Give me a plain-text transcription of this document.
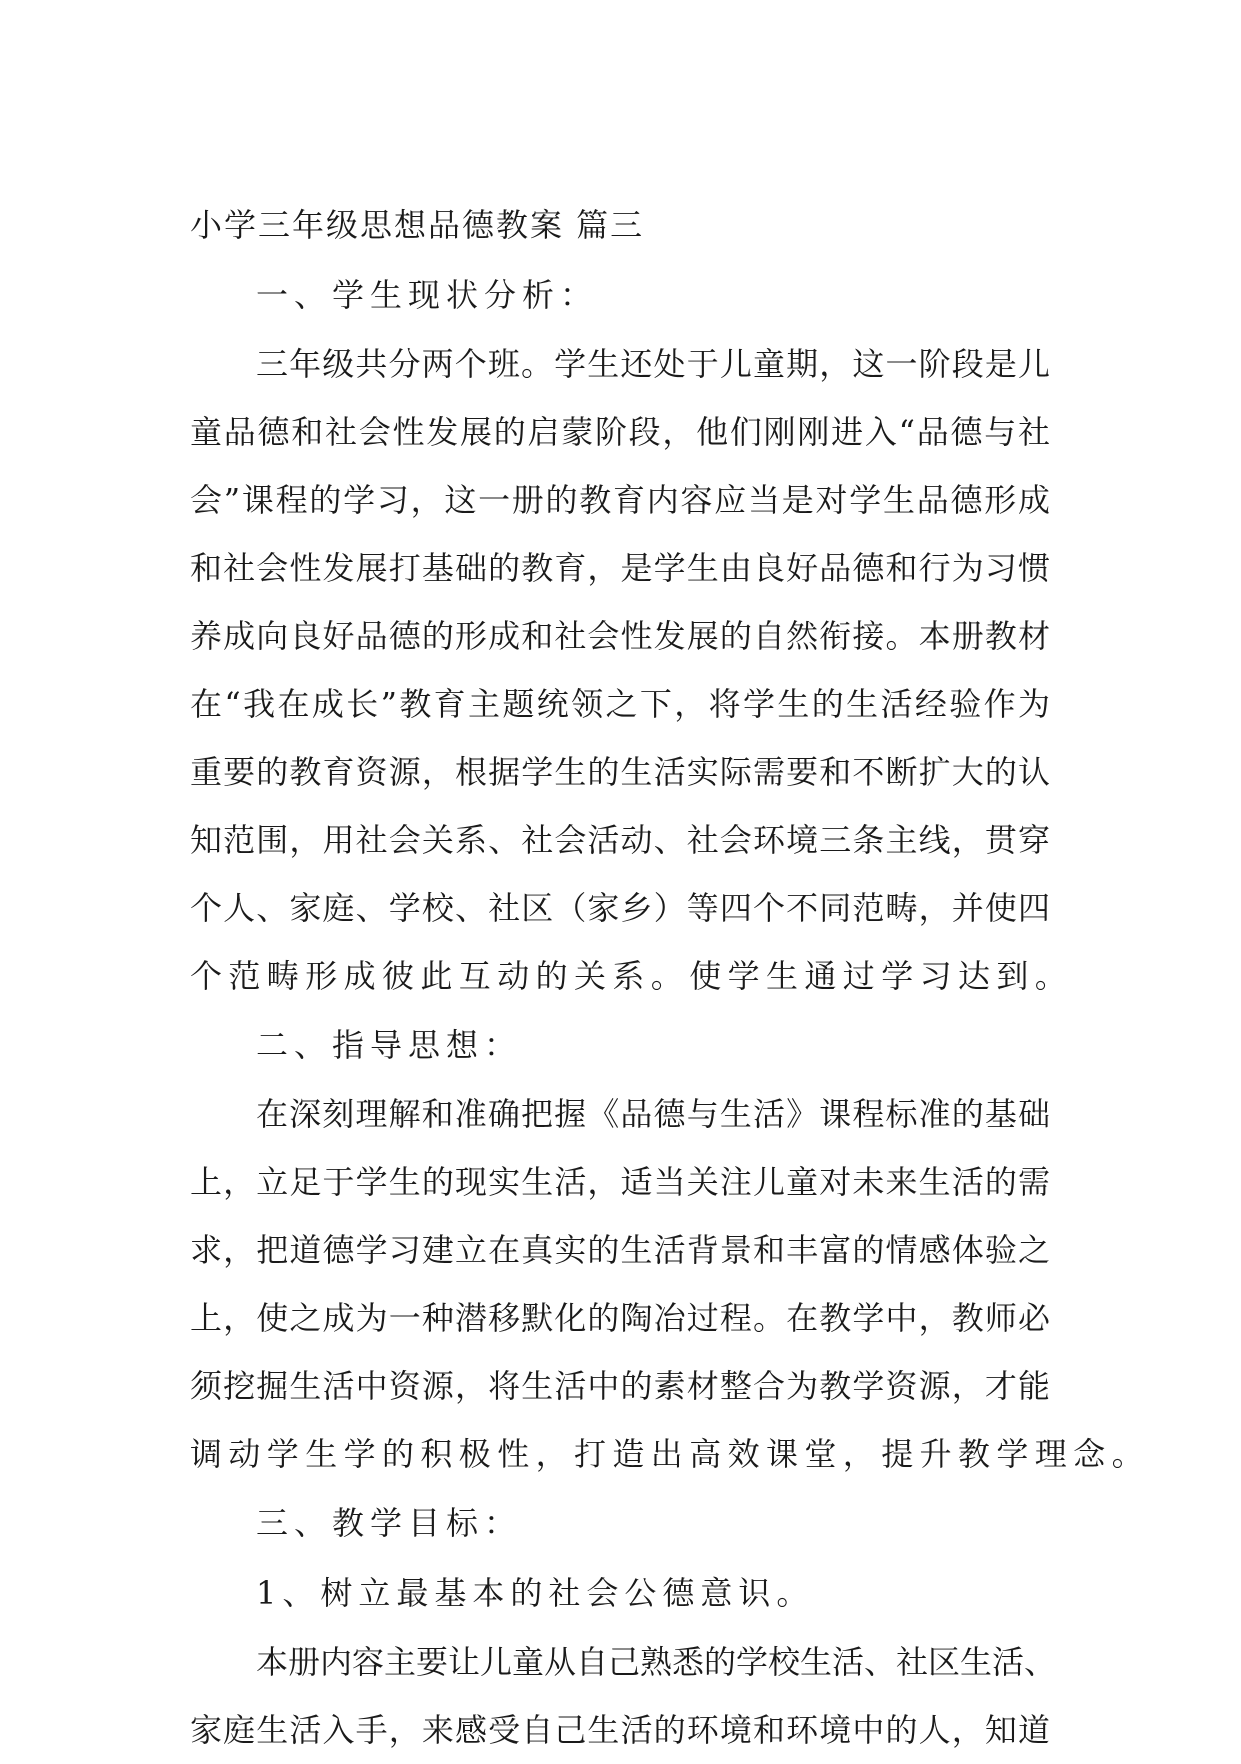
小学三年级思想品德教案 篇三

一、学生现状分析：

三年级共分两个班。学生还处于儿童期，这一阶段是儿
童品德和社会性发展的启蒙阶段，他们刚刚进入“品德与社
会”课程的学习，这一册的教育内容应当是对学生品德形成
和社会性发展打基础的教育，是学生由良好品德和行为习惯
养成向良好品德的形成和社会性发展的自然衔接。本册教材
在“我在成长”教育主题统领之下，将学生的生活经验作为
重要的教育资源，根据学生的生活实际需要和不断扩大的认
知范围，用社会关系、社会活动、社会环境三条主线，贯穿
个人、家庭、学校、社区（家乡）等四个不同范畴，并使四
个范畴形成彼此互动的关系。使学生通过学习达到。

二、指导思想：

在深刻理解和准确把握《品德与生活》课程标准的基础
上，立足于学生的现实生活，适当关注儿童对未来生活的需
求，把道德学习建立在真实的生活背景和丰富的情感体验之
上，使之成为一种潜移默化的陶冶过程。在教学中，教师必
须挖掘生活中资源，将生活中的素材整合为教学资源，才能
调动学生学的积极性，打造出高效课堂，提升教学理念。

三、教学目标：

1、树立最基本的社会公德意识。

本册内容主要让儿童从自己熟悉的学校生活、社区生活、
家庭生活入手，来感受自己生活的环境和环境中的人，知道
